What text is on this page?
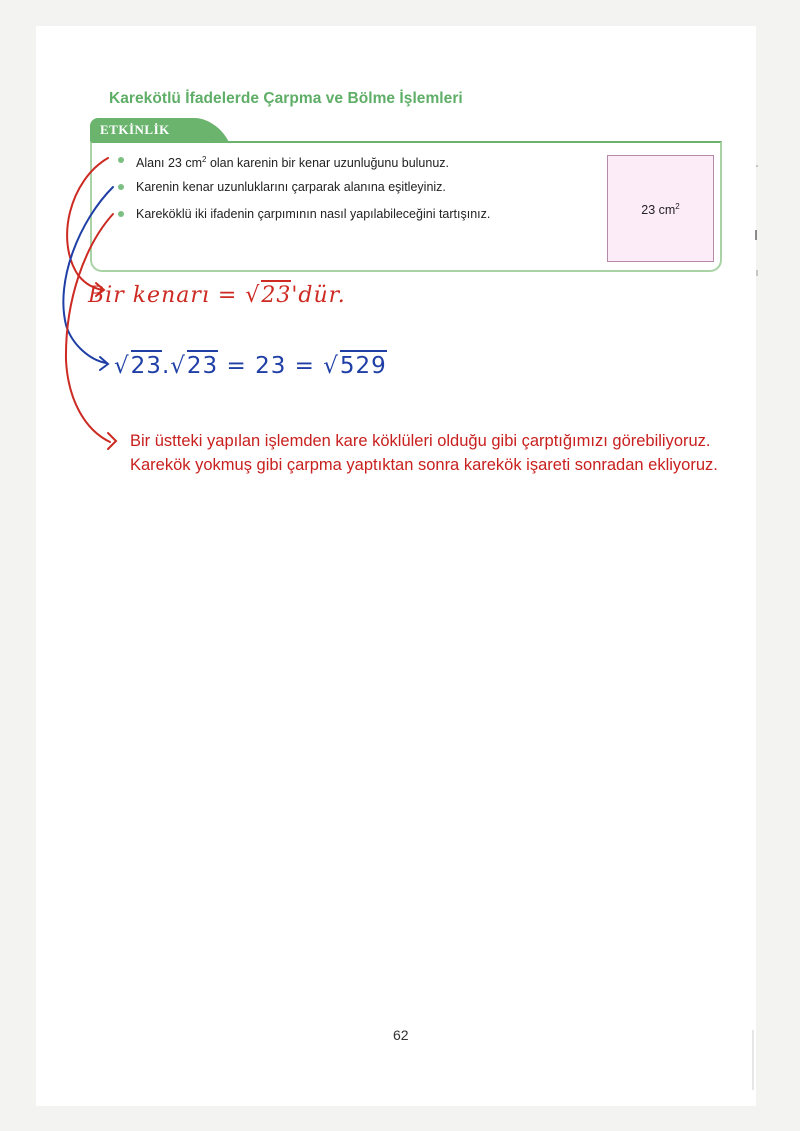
Karekötlü İfadelerde Çarpma ve Bölme İşlemleri
ETKİNLİK
Alanı 23 $cm^2$ olan karenin bir kenar uzunluğunu bulunuz.
Karenin kenar uzunluklarını çarparak alanına eşitleyiniz.
Kareköklü iki ifadenin çarpımının nasıl yapılabileceğini tartışınız.	23 $cm^2$
Bir kenarı = √23'dür.
√23.√23 = 23 = √529
Bir üstteki yapılan işlemden kare köklüleri olduğu gibi çarptığımızı görebiliyoruz.
Karekök yokmuş gibi çarpma yaptıktan sonra karekök işareti sonradan ekliyoruz.
62
